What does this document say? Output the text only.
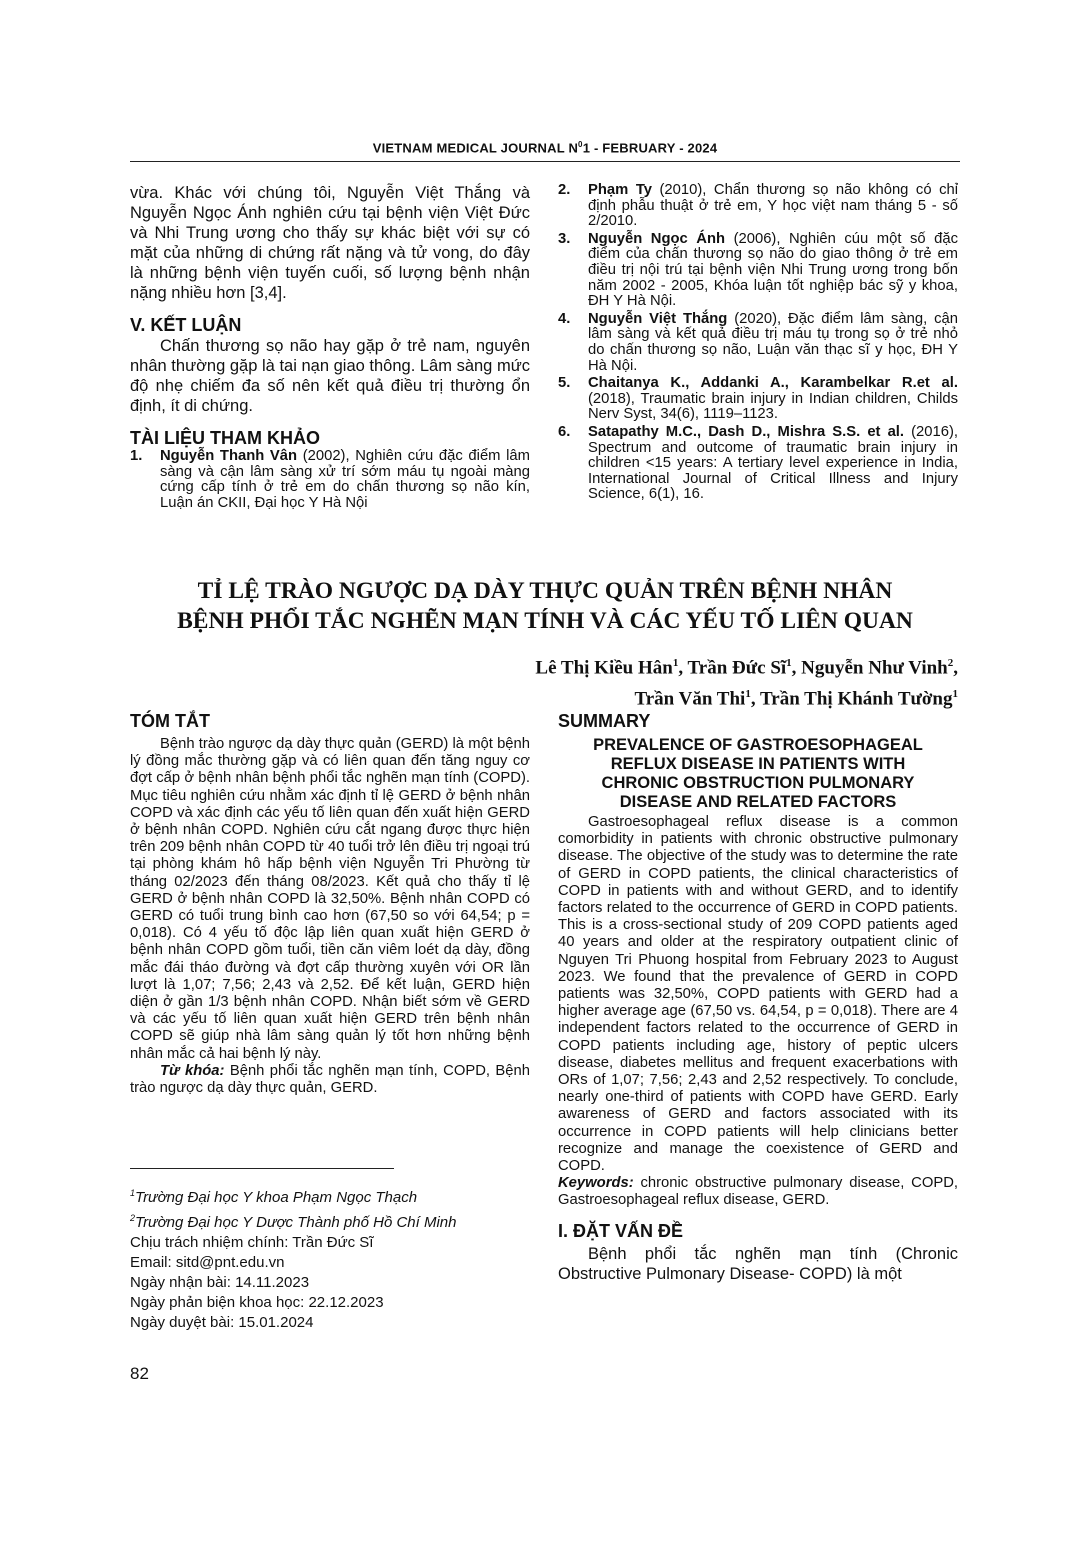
VIETNAM MEDICAL JOURNAL $N^01$ - FEBRUARY - 2024

vừa. Khác với chúng tôi, Nguyễn Việt Thắng và Nguyễn Ngọc Ánh nghiên cứu tại bệnh viện Việt Đức và Nhi Trung ương cho thấy sự khác biệt với sự có mặt của những di chứng rất nặng và tử vong, do đây là những bệnh viện tuyến cuối, số lượng bệnh nhận nặng nhiều hơn [3,4].

V. KẾT LUẬN

Chấn thương sọ não hay gặp ở trẻ nam, nguyên nhân thường gặp là tai nạn giao thông. Lâm sàng mức độ nhẹ chiếm đa số nên kết quả điều trị thường ổn định, ít di chứng.

TÀI LIỆU THAM KHẢO
1.	Nguyễn Thanh Vân (2002), Nghiên cứu đặc điểm lâm sàng và cận lâm sàng xử trí sớm máu tụ ngoài màng cứng cấp tính ở trẻ em do chấn thương sọ não kín, Luận án CKII, Đại học Y Hà Nội
2.	Phạm Ty (2010), Chẩn thương sọ não không có chỉ định phẫu thuật ở trẻ em, Y học việt nam tháng 5 - số 2/2010.
3.	Nguyễn Ngọc Ánh (2006), Nghiên cúu một số đặc điểm của chấn thương sọ não do giao thông ở trẻ em điều trị nội trú tại bệnh viện Nhi Trung ương trong bốn năm 2002 - 2005, Khóa luận tốt nghiệp bác sỹ y khoa, ĐH Y Hà Nội.
4.	Nguyễn Việt Thắng (2020), Đặc điểm lâm sàng, cận lâm sàng và kết quả điều trị máu tụ trong sọ ở trẻ nhỏ do chấn thương sọ não, Luận văn thạc sĩ y học, ĐH Y Hà Nội.
5.	Chaitanya K., Addanki A., Karambelkar R.et al. (2018), Traumatic brain injury in Indian children, Childs Nerv Syst, 34(6), 1119–1123.
6.	Satapathy M.C., Dash D., Mishra S.S. et al. (2016), Spectrum and outcome of traumatic brain injury in children <15 years: A tertiary level experience in India, International Journal of Critical Illness and Injury Science, 6(1), 16.
TỈ LỆ TRÀO NGƯỢC DẠ DÀY THỰC QUẢN TRÊN BỆNH NHÂN
BỆNH PHỔI TẮC NGHẼN MẠN TÍNH VÀ CÁC YẾU TỐ LIÊN QUAN
Lê Thị Kiều Hân$^1$, Trần Đức $Sĩ^1$, Nguyễn Như Vinh$^2$,
Trần Văn Thi$^1$, Trần Thị Khánh Tường$^1$
TÓM TẮT

Bệnh trào ngược dạ dày thực quản (GERD) là một bệnh lý đồng mắc thường gặp và có liên quan đến tăng nguy cơ đợt cấp ở bệnh nhân bệnh phổi tắc nghẽn mạn tính (COPD). Mục tiêu nghiên cứu nhằm xác định tỉ lệ GERD ở bệnh nhân COPD và xác định các yếu tố liên quan đến xuất hiện GERD ở bệnh nhân COPD. Nghiên cứu cắt ngang được thực hiện trên 209 bệnh nhân COPD từ 40 tuổi trở lên điều trị ngoại trú tại phòng khám hô hấp bệnh viện Nguyễn Tri Phường từ tháng 02/2023 đến tháng 08/2023. Kết quả cho thấy tỉ lệ GERD ở bệnh nhân COPD là 32,50%. Bệnh nhân COPD có GERD có tuổi trung bình cao hơn (67,50 so với 64,54; p = 0,018). Có 4 yếu tố độc lập liên quan xuất hiện GERD ở bệnh nhân COPD gồm tuổi, tiền căn viêm loét dạ dày, đồng mắc đái tháo đường và đợt cấp thường xuyên với OR lần lượt là 1,07; 7,56; 2,43 và 2,52. Để kết luận, GERD hiện diện ở gần 1/3 bệnh nhân COPD. Nhận biết sớm về GERD và các yếu tố liên quan xuất hiện GERD trên bệnh nhân COPD sẽ giúp nhà lâm sàng quản lý tốt hơn những bệnh nhân mắc cả hai bệnh lý này.

Từ khóa: Bệnh phổi tắc nghẽn mạn tính, COPD, Bệnh trào ngược dạ dày thực quản, GERD.

SUMMARY
PREVALENCE OF GASTROESOPHAGEAL
REFLUX DISEASE IN PATIENTS WITH
CHRONIC OBSTRUCTION PULMONARY
DISEASE AND RELATED FACTORS

Gastroesophageal reflux disease is a common comorbidity in patients with chronic obstructive pulmonary disease. The objective of the study was to determine the rate of GERD in COPD patients, the clinical characteristics of COPD in patients with and without GERD, and to identify factors related to the occurrence of GERD in COPD patients. This is a cross-sectional study of 209 COPD patients aged 40 years and older at the respiratory outpatient clinic of Nguyen Tri Phuong hospital from February 2023 to August 2023. We found that the prevalence of GERD in COPD patients was 32,50%, COPD patients with GERD had a higher average age (67,50 vs. 64,54, p = 0,018). There are 4 independent factors related to the occurrence of GERD in COPD patients including age, history of peptic ulcers disease, diabetes mellitus and frequent exacerbations with ORs of 1,07; 7,56; 2,43 and 2,52 respectively. To conclude, nearly one-third of patients with COPD have GERD. Early awareness of GERD and factors associated with its occurrence in COPD patients will help clinicians better recognize and manage the coexistence of GERD and COPD.

Keywords: chronic obstructive pulmonary disease, COPD, Gastroesophageal reflux disease, GERD.

I. ĐẶT VẤN ĐỀ

Bệnh phổi tắc nghẽn mạn tính (Chronic Obstructive Pulmonary Disease- COPD) là một

$^1$Trường Đại học Y khoa Phạm Ngọc Thạch
$^2$Trường Đại học Y Dược Thành phố Hồ Chí Minh
Chịu trách nhiệm chính: Trần Đức Sĩ
Email: sitd@pnt.edu.vn
Ngày nhận bài: 14.11.2023
Ngày phản biện khoa học: 22.12.2023
Ngày duyệt bài: 15.01.2024
82
